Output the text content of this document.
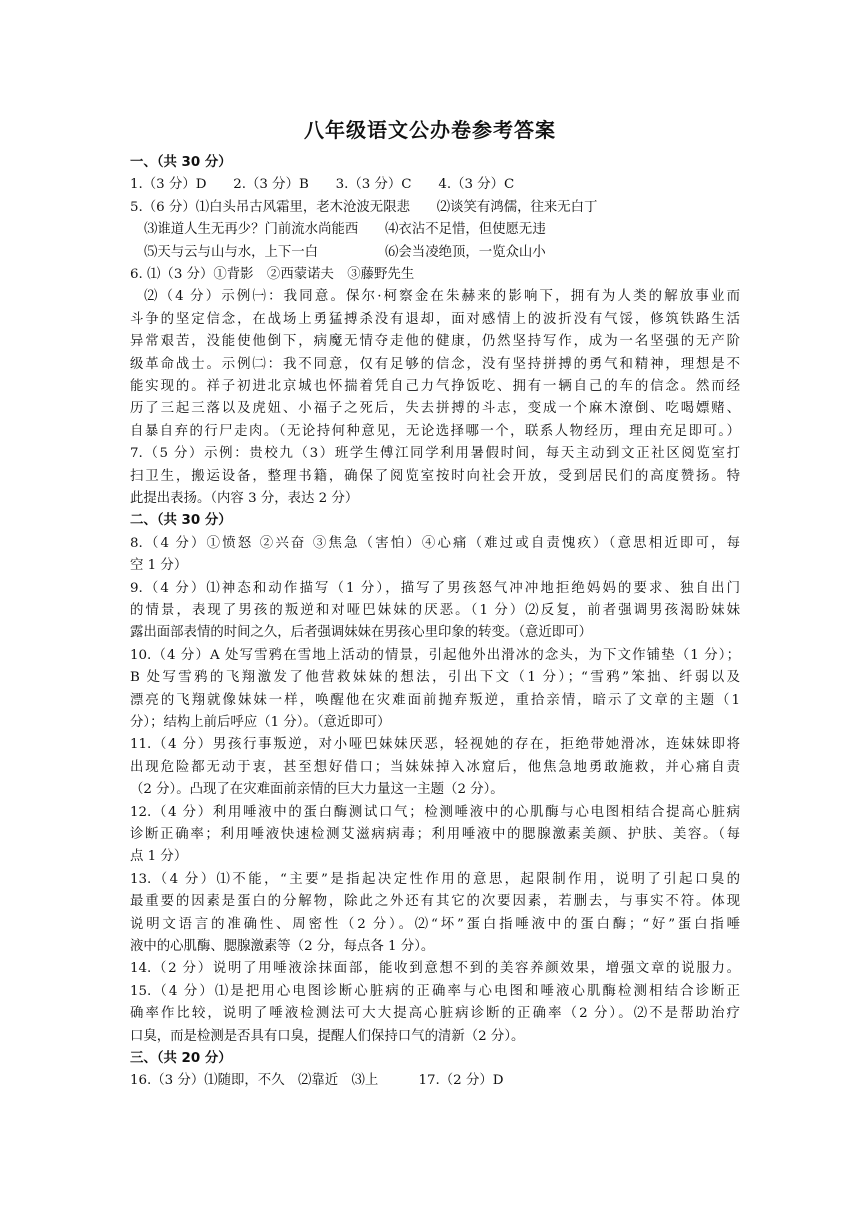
八年级语文公办卷参考答案
一、（共 30 分）
1.（3 分）D　　2.（3 分）B　　3.（3 分）C　　4.（3 分）C
5.（6 分）⑴白头吊古风霜里，老木沧波无限悲　　⑵谈笑有鸿儒，往来无白丁
⑶谁道人生无再少？门前流水尚能西　　⑷衣沾不足惜，但使愿无违
⑸天与云与山与水，上下一白　　　　　⑹会当凌绝顶，一览众山小
6. ⑴（3 分）①背影　②西蒙诺夫　③藤野先生
⑵（4 分）示例㈠：我同意。保尔·柯察金在朱赫来的影响下，拥有为人类的解放事业而
斗争的坚定信念，在战场上勇猛搏杀没有退却，面对感情上的波折没有气馁，修筑铁路生活
异常艰苦，没能使他倒下，病魔无情夺走他的健康，仍然坚持写作，成为一名坚强的无产阶
级革命战士。示例㈡：我不同意，仅有足够的信念，没有坚持拼搏的勇气和精神，理想是不
能实现的。祥子初进北京城也怀揣着凭自己力气挣饭吃、拥有一辆自己的车的信念。然而经
历了三起三落以及虎妞、小福子之死后，失去拼搏的斗志，变成一个麻木潦倒、吃喝嫖赌、
自暴自弃的行尸走肉。（无论持何种意见，无论选择哪一个，联系人物经历，理由充足即可。）
7.（5 分）示例：贵校九（3）班学生傅江同学利用暑假时间，每天主动到文正社区阅览室打
扫卫生，搬运设备，整理书籍，确保了阅览室按时向社会开放，受到居民们的高度赞扬。特
此提出表扬。（内容 3 分，表达 2 分）
二、（共 30 分）
8.（4 分）①愤怒 ②兴奋 ③焦急（害怕）④心痛（难过或自责愧疚）（意思相近即可，每
空 1 分）
9.（4 分）⑴神态和动作描写（1 分），描写了男孩怒气冲冲地拒绝妈妈的要求、独自出门
的情景，表现了男孩的叛逆和对哑巴妹妹的厌恶。（1 分）⑵反复，前者强调男孩渴盼妹妹
露出面部表情的时间之久，后者强调妹妹在男孩心里印象的转变。（意近即可）
10.（4 分）A 处写雪鸦在雪地上活动的情景，引起他外出滑冰的念头，为下文作铺垫（1 分）；
B 处写雪鸦的飞翔激发了他营救妹妹的想法，引出下文（1 分）；“雪鸦”笨拙、纤弱以及
漂亮的飞翔就像妹妹一样，唤醒他在灾难面前抛弃叛逆，重拾亲情，暗示了文章的主题（1
分）；结构上前后呼应（1 分）。（意近即可）
11.（4 分）男孩行事叛逆，对小哑巴妹妹厌恶，轻视她的存在，拒绝带她滑冰，连妹妹即将
出现危险都无动于衷，甚至想好借口；当妹妹掉入冰窟后，他焦急地勇敢施救，并心痛自责
（2 分）。凸现了在灾难面前亲情的巨大力量这一主题（2 分）。
12.（4 分）利用唾液中的蛋白酶测试口气；检测唾液中的心肌酶与心电图相结合提高心脏病
诊断正确率；利用唾液快速检测艾滋病病毒；利用唾液中的腮腺激素美颜、护肤、美容。（每
点 1 分）
13.（4 分）⑴不能，“主要”是指起决定性作用的意思，起限制作用，说明了引起口臭的
最重要的因素是蛋白的分解物，除此之外还有其它的次要因素，若删去，与事实不符。体现
说明文语言的准确性、周密性（2 分）。⑵“坏”蛋白指唾液中的蛋白酶；“好”蛋白指唾
液中的心肌酶、腮腺激素等（2 分，每点各 1 分）。
14.（2 分）说明了用唾液涂抹面部，能收到意想不到的美容养颜效果，增强文章的说服力。
15.（4 分）⑴是把用心电图诊断心脏病的正确率与心电图和唾液心肌酶检测相结合诊断正
确率作比较，说明了唾液检测法可大大提高心脏病诊断的正确率（2 分）。⑵不是帮助治疗
口臭，而是检测是否具有口臭，提醒人们保持口气的清新（2 分）。
三、（共 20 分）
16.（3 分）⑴随即，不久　⑵靠近　⑶上　　　17.（2 分）D
